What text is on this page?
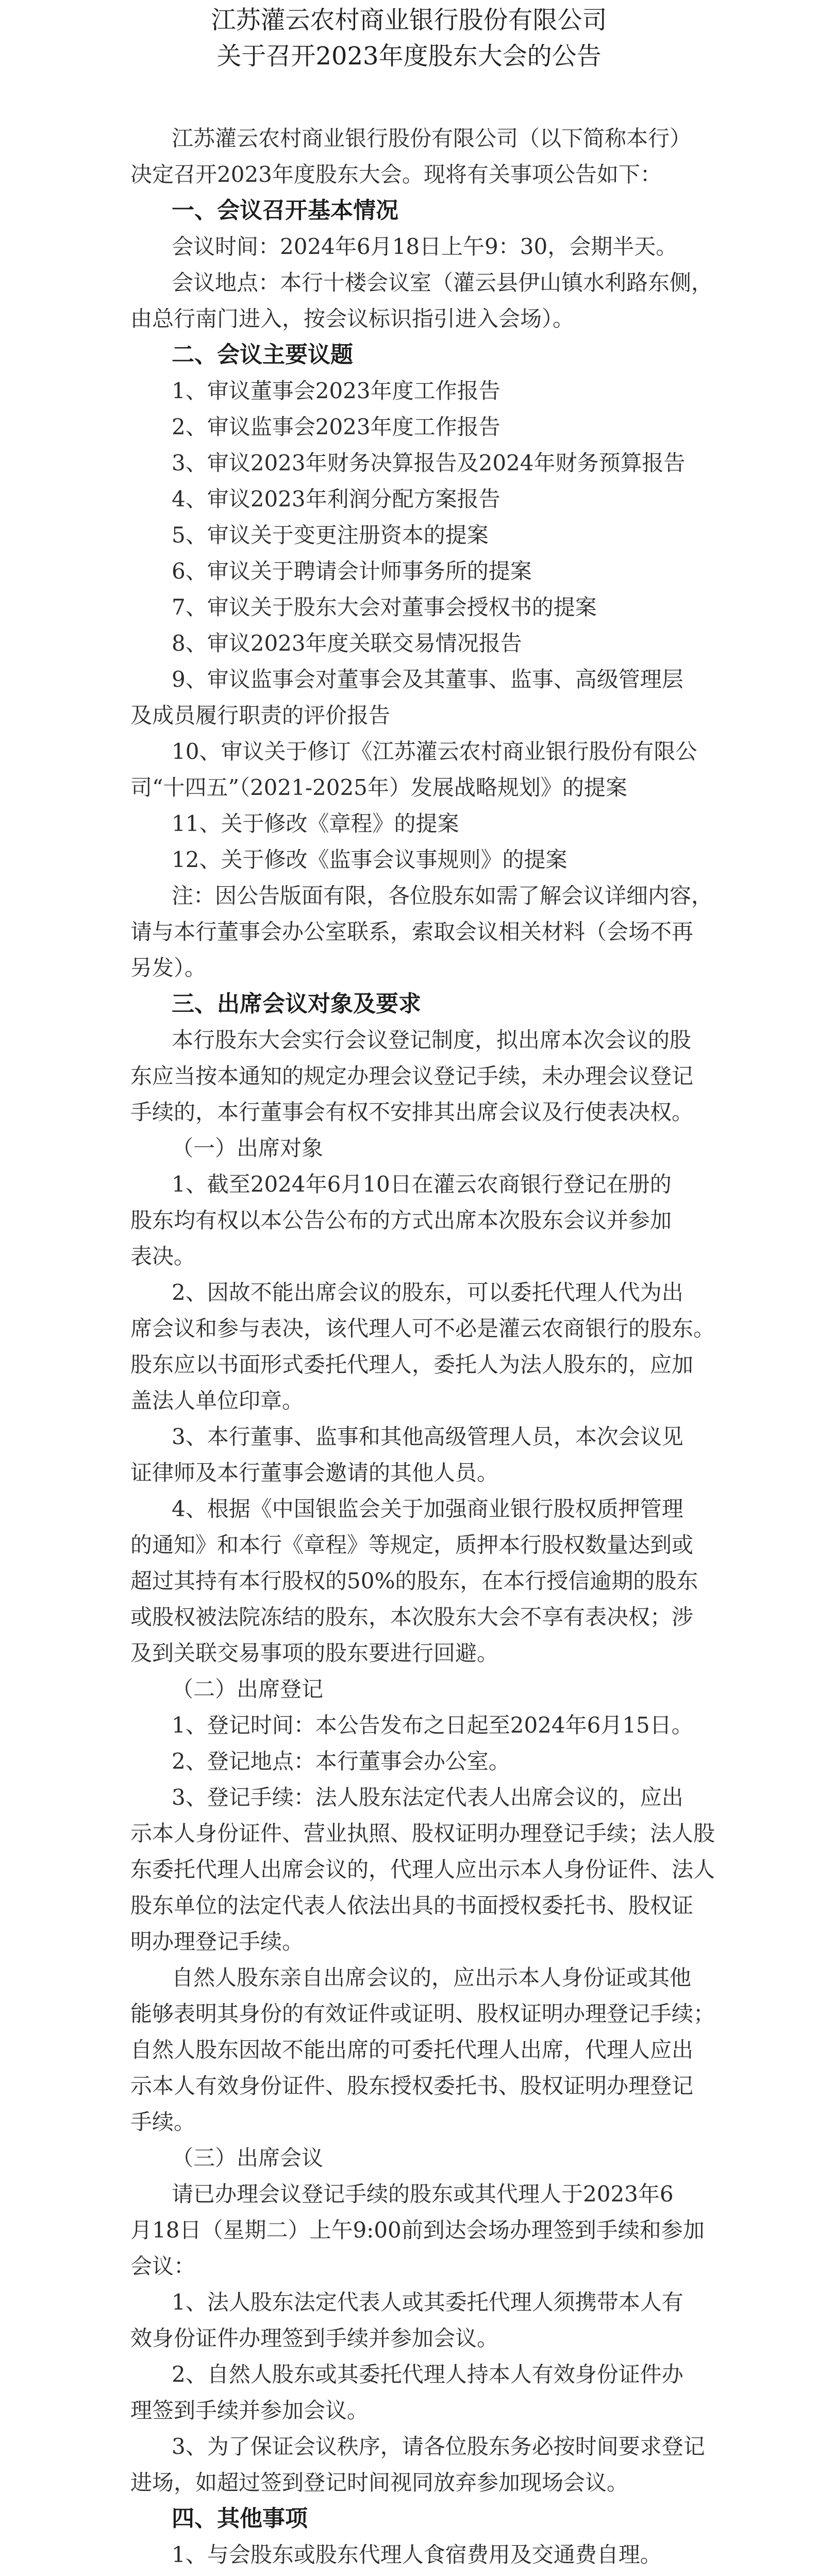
江苏灌云农村商业银行股份有限公司
关于召开2023年度股东大会的公告
江苏灌云农村商业银行股份有限公司（以下简称本行）
决定召开2023年度股东大会。现将有关事项公告如下：
一、会议召开基本情况
会议时间：2024年6月18日上午9：30，会期半天。
会议地点：本行十楼会议室（灌云县伊山镇水利路东侧，
由总行南门进入，按会议标识指引进入会场）。
二、会议主要议题
1、审议董事会2023年度工作报告
2、审议监事会2023年度工作报告
3、审议2023年财务决算报告及2024年财务预算报告
4、审议2023年利润分配方案报告
5、审议关于变更注册资本的提案
6、审议关于聘请会计师事务所的提案
7、审议关于股东大会对董事会授权书的提案
8、审议2023年度关联交易情况报告
9、审议监事会对董事会及其董事、监事、高级管理层
及成员履行职责的评价报告
10、审议关于修订《江苏灌云农村商业银行股份有限公
司“十四五”（2021-2025年）发展战略规划》的提案
11、关于修改《章程》的提案
12、关于修改《监事会议事规则》的提案
注：因公告版面有限，各位股东如需了解会议详细内容，
请与本行董事会办公室联系，索取会议相关材料（会场不再
另发）。
三、出席会议对象及要求
本行股东大会实行会议登记制度，拟出席本次会议的股
东应当按本通知的规定办理会议登记手续，未办理会议登记
手续的，本行董事会有权不安排其出席会议及行使表决权。
（一）出席对象
1、截至2024年6月10日在灌云农商银行登记在册的
股东均有权以本公告公布的方式出席本次股东会议并参加
表决。
2、因故不能出席会议的股东，可以委托代理人代为出
席会议和参与表决，该代理人可不必是灌云农商银行的股东。
股东应以书面形式委托代理人，委托人为法人股东的，应加
盖法人单位印章。
3、本行董事、监事和其他高级管理人员，本次会议见
证律师及本行董事会邀请的其他人员。
4、根据《中国银监会关于加强商业银行股权质押管理
的通知》和本行《章程》等规定，质押本行股权数量达到或
超过其持有本行股权的50%的股东，在本行授信逾期的股东
或股权被法院冻结的股东，本次股东大会不享有表决权；涉
及到关联交易事项的股东要进行回避。
（二）出席登记
1、登记时间：本公告发布之日起至2024年6月15日。
2、登记地点：本行董事会办公室。
3、登记手续：法人股东法定代表人出席会议的，应出
示本人身份证件、营业执照、股权证明办理登记手续；法人股
东委托代理人出席会议的，代理人应出示本人身份证件、法人
股东单位的法定代表人依法出具的书面授权委托书、股权证
明办理登记手续。
自然人股东亲自出席会议的，应出示本人身份证或其他
能够表明其身份的有效证件或证明、股权证明办理登记手续；
自然人股东因故不能出席的可委托代理人出席，代理人应出
示本人有效身份证件、股东授权委托书、股权证明办理登记
手续。
（三）出席会议
请已办理会议登记手续的股东或其代理人于2023年6
月18日（星期二）上午9:00前到达会场办理签到手续和参加
会议：
1、法人股东法定代表人或其委托代理人须携带本人有
效身份证件办理签到手续并参加会议。
2、自然人股东或其委托代理人持本人有效身份证件办
理签到手续并参加会议。
3、为了保证会议秩序，请各位股东务必按时间要求登记
进场，如超过签到登记时间视同放弃参加现场会议。
四、其他事项
1、与会股东或股东代理人食宿费用及交通费自理。
